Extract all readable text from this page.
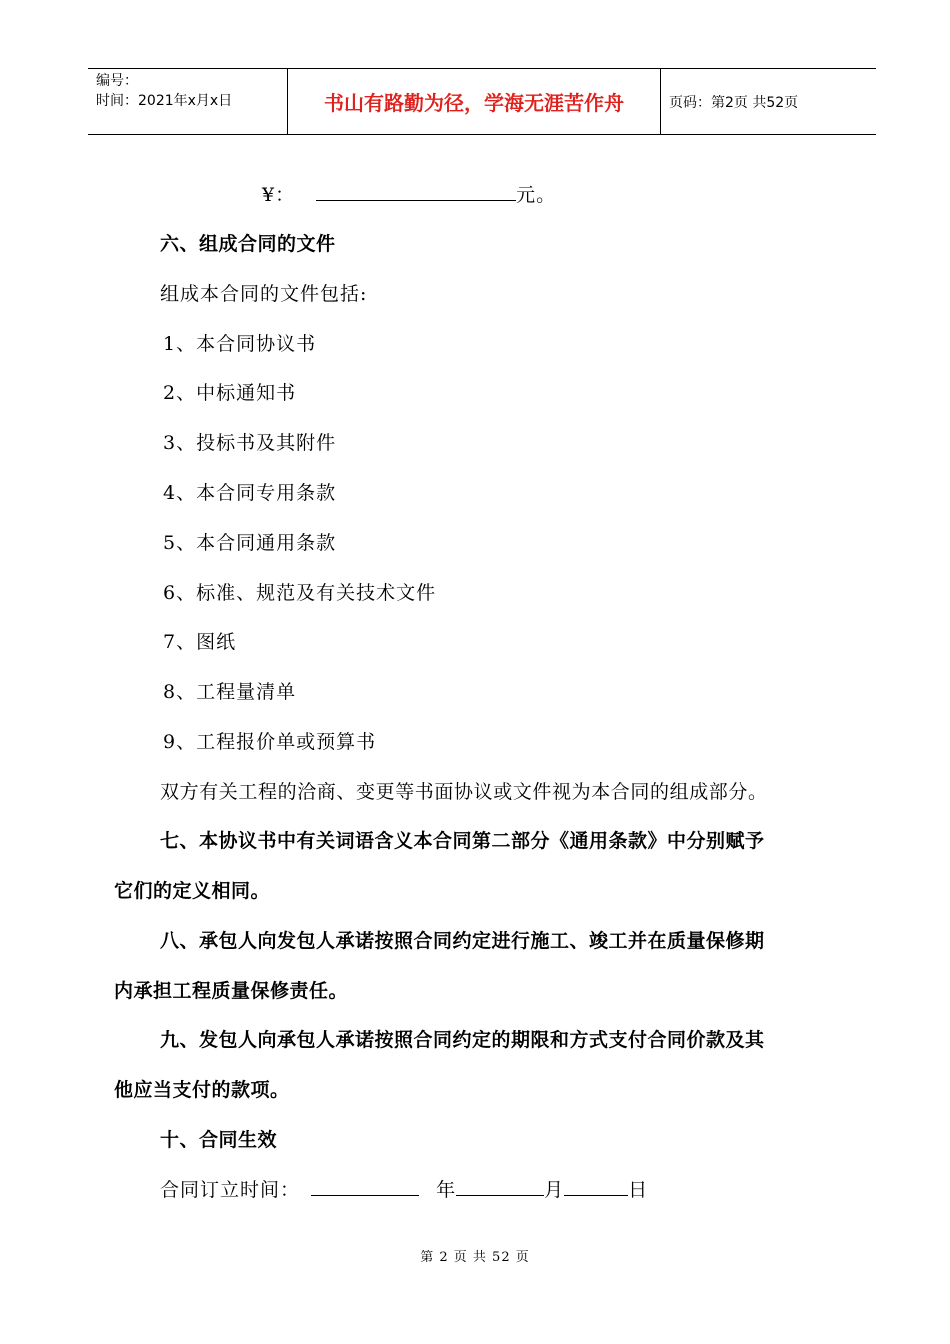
编号：
时间：2021年x月x日	书山有路勤为径，学海无涯苦作舟	页码：第2页 共52页
¥：	元。
六、组成合同的文件
组成本合同的文件包括:
1、本合同协议书
2、中标通知书
3、投标书及其附件
4、本合同专用条款
5、本合同通用条款
6、标准、规范及有关技术文件
7、图纸
8、工程量清单
9、工程报价单或预算书
双方有关工程的洽商、变更等书面协议或文件视为本合同的组成部分。
七、本协议书中有关词语含义本合同第二部分《通用条款》中分别赋予
它们的定义相同。
八、承包人向发包人承诺按照合同约定进行施工、竣工并在质量保修期
内承担工程质量保修责任。
九、发包人向承包人承诺按照合同约定的期限和方式支付合同价款及其
他应当支付的款项。
十、合同生效
合同订立时间：	年	月	日
第 2 页 共 52 页
